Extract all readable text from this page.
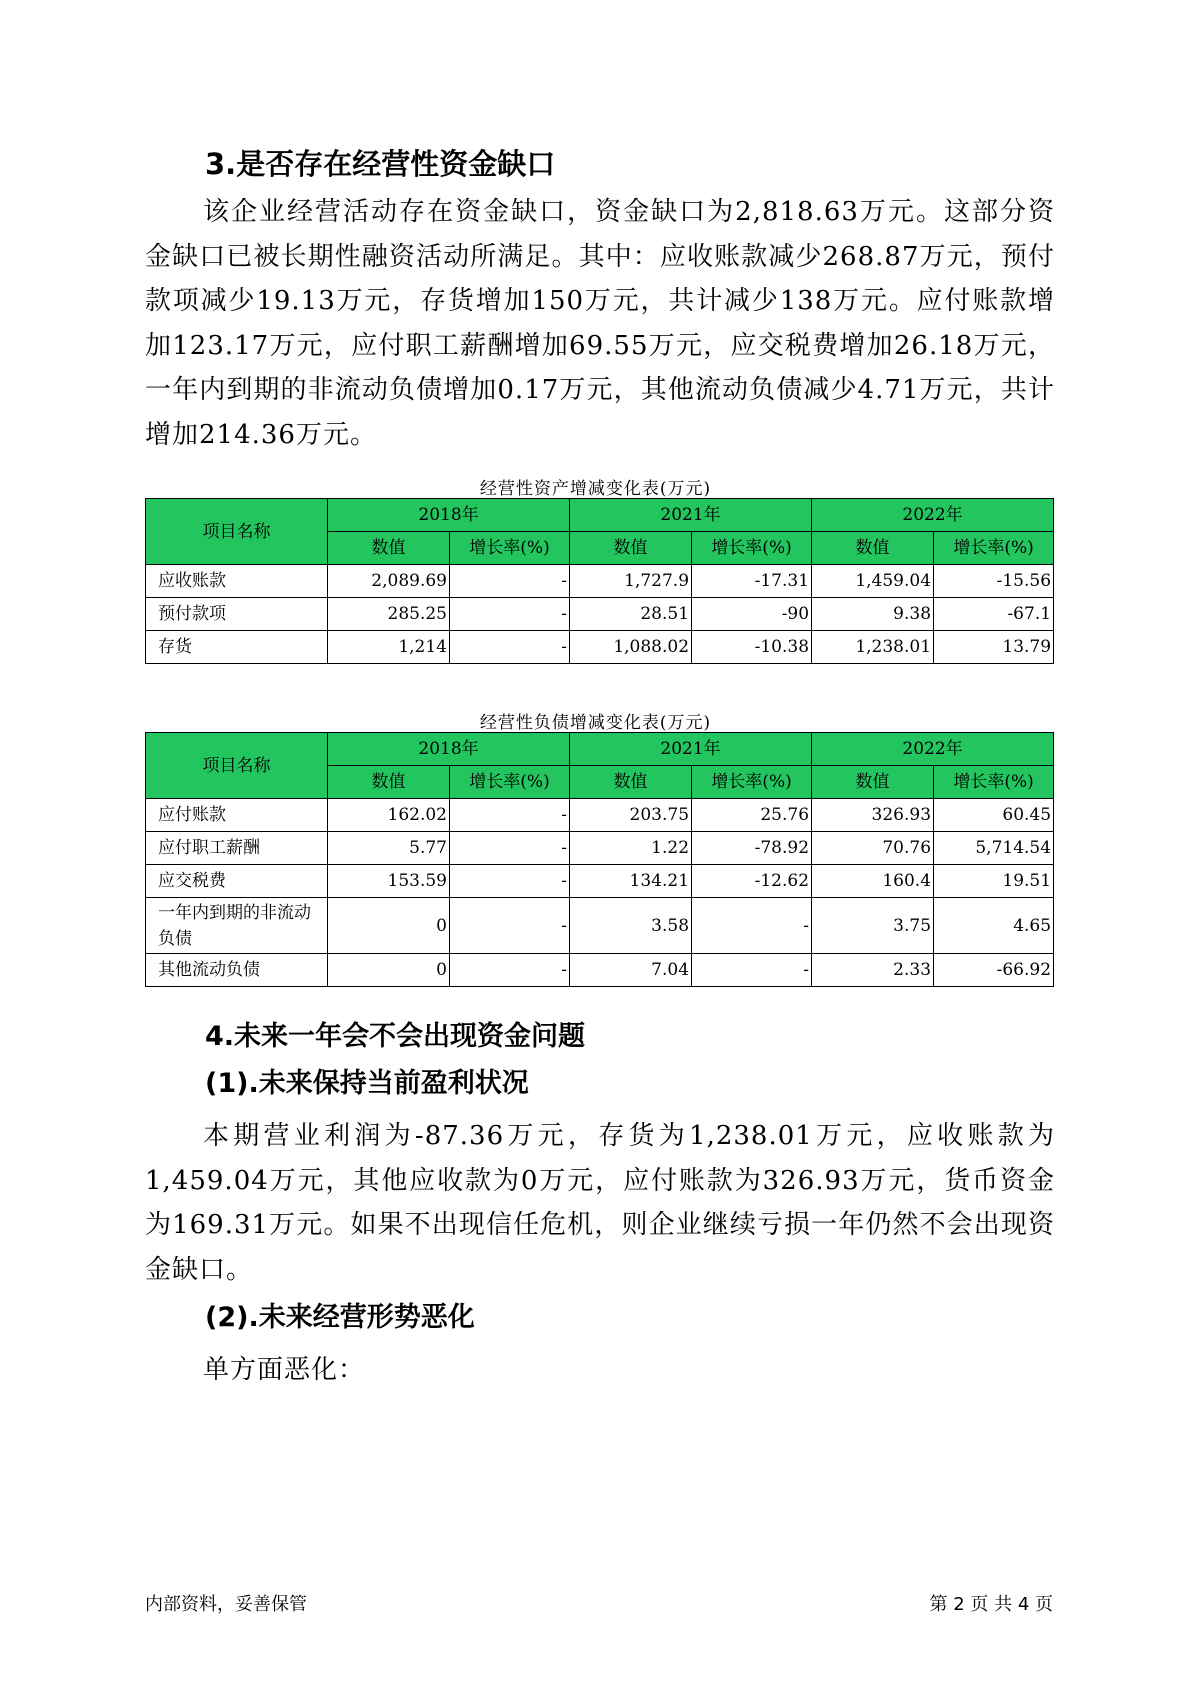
3.是否存在经营性资金缺口

该企业经营活动存在资金缺口，资金缺口为2,818.63万元。这部分资金缺口已被长期性融资活动所满足。其中：应收账款减少268.87万元，预付款项减少19.13万元，存货增加150万元，共计减少138万元。应付账款增加123.17万元，应付职工薪酬增加69.55万元，应交税费增加26.18万元，一年内到期的非流动负债增加0.17万元，其他流动负债减少4.71万元，共计增加214.36万元。

经营性资产增减变化表(万元)
项目名称	2018年		2021年		2022年	
	数值	增长率(%)	数值	增长率(%)	数值	增长率(%)
应收账款	2,089.69	-	1,727.9	-17.31	1,459.04	-15.56
预付款项	285.25	-	28.51	-90	9.38	-67.1
存货	1,214	-	1,088.02	-10.38	1,238.01	13.79
经营性负债增减变化表(万元)
项目名称	2018年		2021年		2022年	
	数值	增长率(%)	数值	增长率(%)	数值	增长率(%)
应付账款	162.02	-	203.75	25.76	326.93	60.45
应付职工薪酬	5.77	-	1.22	-78.92	70.76	5,714.54
应交税费	153.59	-	134.21	-12.62	160.4	19.51
一年内到期的非流动负债	0	-	3.58	-	3.75	4.65
其他流动负债	0	-	7.04	-	2.33	-66.92
4.未来一年会不会出现资金问题
(1).未来保持当前盈利状况

本期营业利润为-87.36万元，存货为1,238.01万元，应收账款为1,459.04万元，其他应收款为0万元，应付账款为326.93万元，货币资金为169.31万元。如果不出现信任危机，则企业继续亏损一年仍然不会出现资金缺口。

(2).未来经营形势恶化

单方面恶化：

内部资料，妥善保管	第 2 页 共 4 页
